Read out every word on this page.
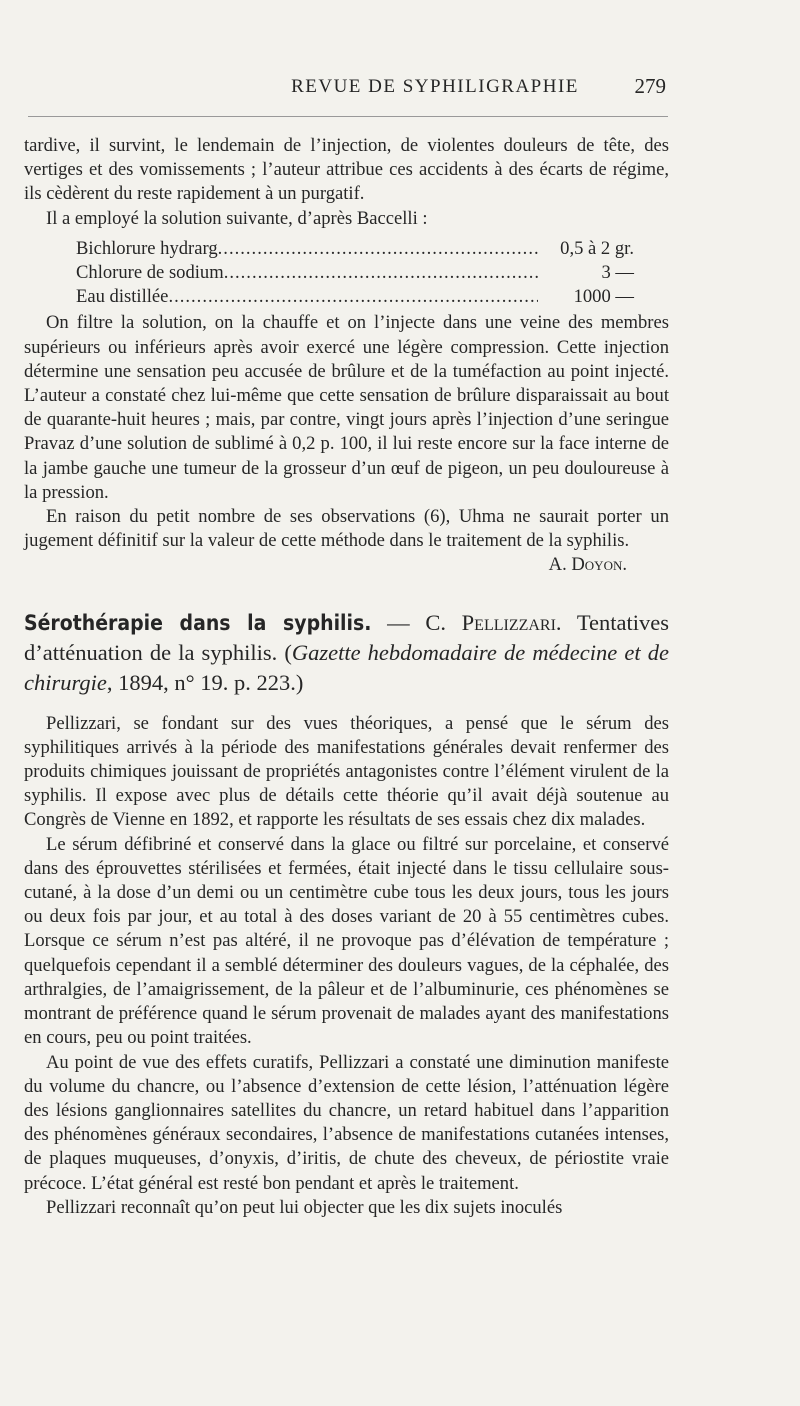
REVUE DE SYPHILIGRAPHIE	279

tardive, il survint, le lendemain de l’injection, de violentes douleurs de tête, des vertiges et des vomissements ; l’auteur attribue ces accidents à des écarts de régime, ils cèdèrent du reste rapidement à un purgatif.

Il a employé la solution suivante, d’après Baccelli :

Bichlorure hydrarg .....	0,5 à 2 gr.
Chlorure de sodium .....	3 —
Eau distillée .....	1000 —

On filtre la solution, on la chauffe et on l’injecte dans une veine des membres supérieurs ou inférieurs après avoir exercé une légère compression. Cette injection détermine une sensation peu accusée de brûlure et de la tuméfaction au point injecté. L’auteur a constaté chez lui-même que cette sensation de brûlure disparaissait au bout de quarante-huit heures ; mais, par contre, vingt jours après l’injection d’une seringue Pravaz d’une solution de sublimé à 0,2 p. 100, il lui reste encore sur la face interne de la jambe gauche une tumeur de la grosseur d’un œuf de pigeon, un peu douloureuse à la pression.

En raison du petit nombre de ses observations (6), Uhma ne saurait porter un jugement définitif sur la valeur de cette méthode dans le traitement de la syphilis.
A. Doyon.

Sérothérapie dans la syphilis. — C. Pellizzari. Tentatives d’atténuation de la syphilis. (Gazette hebdomadaire de médecine et de chirurgie, 1894, n° 19. p. 223.)

Pellizzari, se fondant sur des vues théoriques, a pensé que le sérum des syphilitiques arrivés à la période des manifestations générales devait renfermer des produits chimiques jouissant de propriétés antagonistes contre l’élément virulent de la syphilis. Il expose avec plus de détails cette théorie qu’il avait déjà soutenue au Congrès de Vienne en 1892, et rapporte les résultats de ses essais chez dix malades.

Le sérum défibriné et conservé dans la glace ou filtré sur porcelaine, et conservé dans des éprouvettes stérilisées et fermées, était injecté dans le tissu cellulaire sous-cutané, à la dose d’un demi ou un centimètre cube tous les deux jours, tous les jours ou deux fois par jour, et au total à des doses variant de 20 à 55 centimètres cubes. Lorsque ce sérum n’est pas altéré, il ne provoque pas d’élévation de température ; quelquefois cependant il a semblé déterminer des douleurs vagues, de la céphalée, des arthralgies, de l’amaigrissement, de la pâleur et de l’albuminurie, ces phénomènes se montrant de préférence quand le sérum provenait de malades ayant des manifestations en cours, peu ou point traitées.

Au point de vue des effets curatifs, Pellizzari a constaté une diminution manifeste du volume du chancre, ou l’absence d’extension de cette lésion, l’atténuation légère des lésions ganglionnaires satellites du chancre, un retard habituel dans l’apparition des phénomènes généraux secondaires, l’absence de manifestations cutanées intenses, de plaques muqueuses, d’onyxis, d’iritis, de chute des cheveux, de périostite vraie précoce. L’état général est resté bon pendant et après le traitement.

Pellizzari reconnaît qu’on peut lui objecter que les dix sujets inoculés
